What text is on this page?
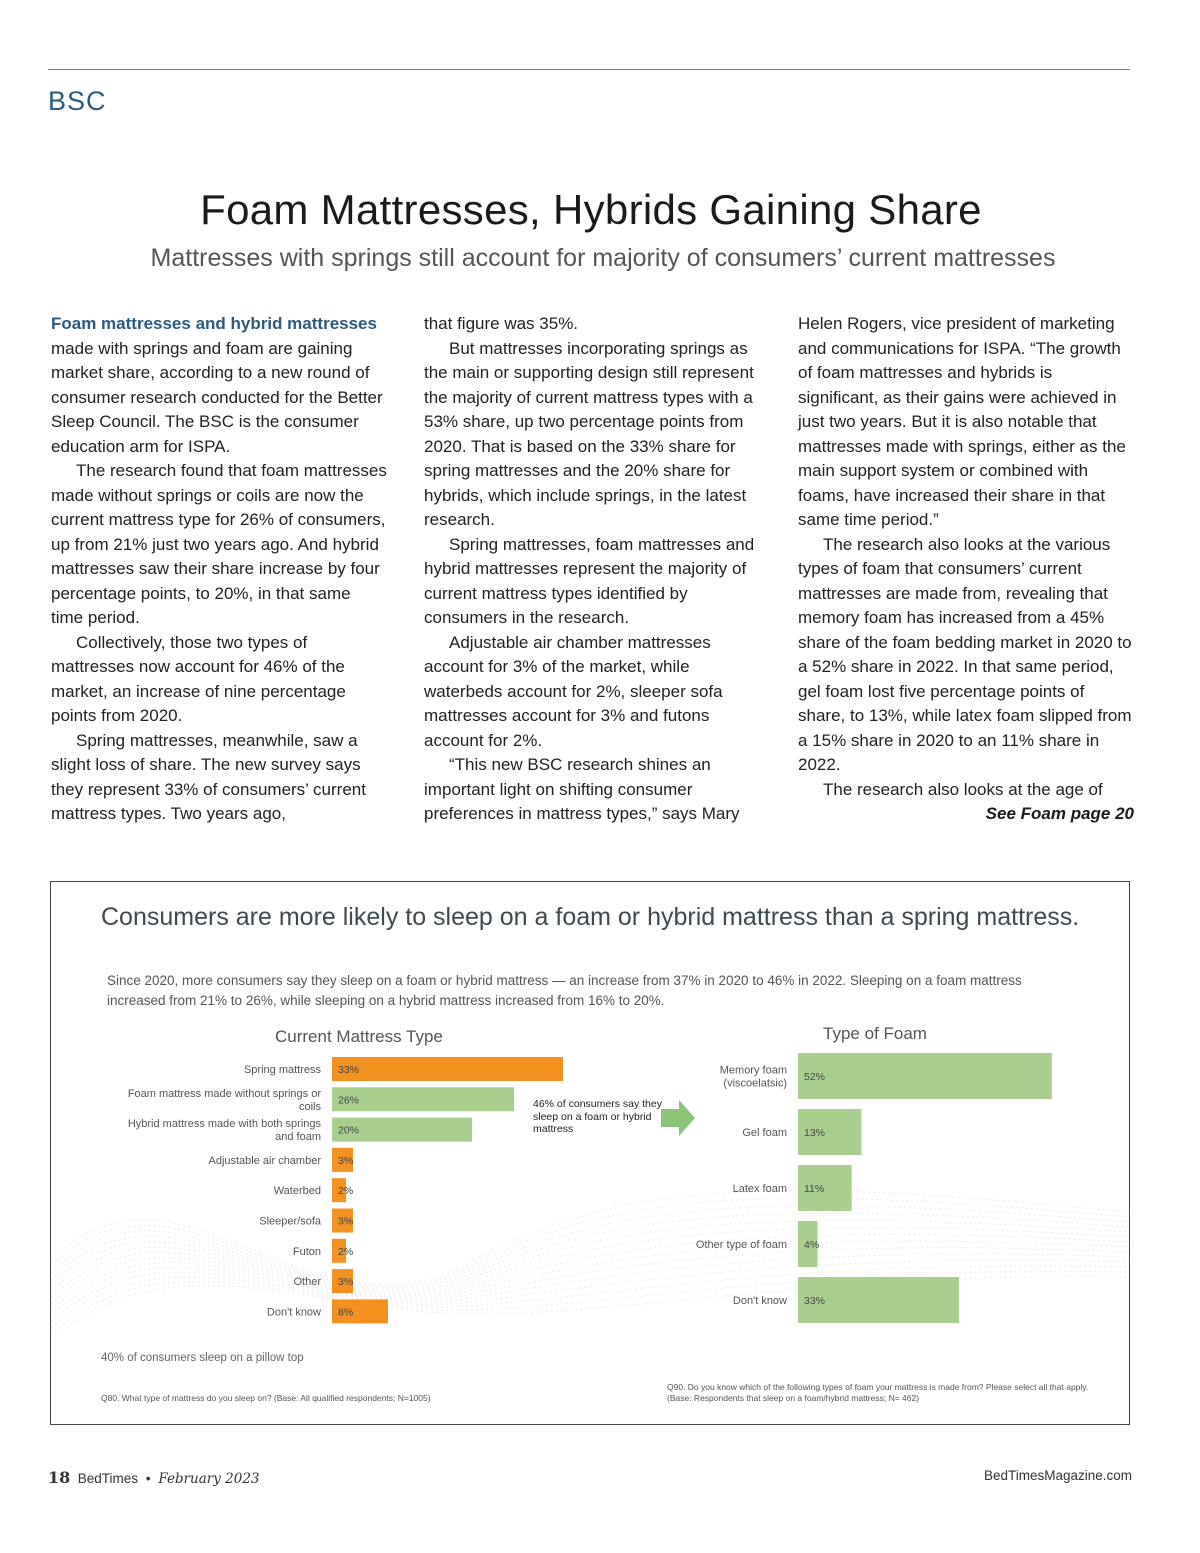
BSC
Foam Mattresses, Hybrids Gaining Share
Mattresses with springs still account for majority of consumers’ current mattresses

Foam mattresses and hybrid mattresses made with springs and foam are gaining market share, according to a new round of consumer research conducted for the Better Sleep Council. The BSC is the consumer education arm for ISPA.

The research found that foam mattresses made without springs or coils are now the current mattress type for 26% of consumers, up from 21% just two years ago. And hybrid mattresses saw their share increase by four percentage points, to 20%, in that same time period.

Collectively, those two types of mattresses now account for 46% of the market, an increase of nine percentage points from 2020.

Spring mattresses, meanwhile, saw a slight loss of share. The new survey says they represent 33% of consumers’ current mattress types. Two years ago,

that figure was 35%.

But mattresses incorporating springs as the main or supporting design still represent the majority of current mattress types with a 53% share, up two percentage points from 2020. That is based on the 33% share for spring mattresses and the 20% share for hybrids, which include springs, in the latest research.

Spring mattresses, foam mattresses and hybrid mattresses represent the majority of current mattress types identified by consumers in the research.

Adjustable air chamber mattresses account for 3% of the market, while waterbeds account for 2%, sleeper sofa mattresses account for 3% and futons account for 2%.

“This new BSC research shines an important light on shifting consumer preferences in mattress types,” says Mary

Helen Rogers, vice president of marketing and communications for ISPA. “The growth of foam mattresses and hybrids is significant, as their gains were achieved in just two years. But it is also notable that mattresses made with springs, either as the main support system or combined with foams, have increased their share in that same time period.”

The research also looks at the various types of foam that consumers’ current mattresses are made from, revealing that memory foam has increased from a 45% share of the foam bedding market in 2020 to a 52% share in 2022. In that same period, gel foam lost five percentage points of share, to 13%, while latex foam slipped from a 15% share in 2020 to an 11% share in 2022.

The research also looks at the age of

See Foam page 20

Consumers are more likely to sleep on a foam or hybrid mattress than a spring mattress.
Since 2020, more consumers say they sleep on a foam or hybrid mattress — an increase from 37% in 2020 to 46% in 2022. Sleeping on a foam mattress increased from 21% to 26%, while sleeping on a hybrid mattress increased from 16% to 20%.
33%
Spring mattress
26%
Foam mattress made without springs or
coils
20%
Hybrid mattress made with both springs
and foam
3%
Adjustable air chamber
2%
Waterbed
3%
Sleeper/sofa
2%
Futon
3%
Other
8%
Don't know
52%
Memory foam
(viscoelatsic)
13%
Gel foam
11%
Latex foam
4%
Other type of foam
33%
Don't know
Current Mattress Type	Type of Foam
46% of consumers say they sleep on a foam or hybrid mattress
40% of consumers sleep on a pillow top
Q80. What type of mattress do you sleep on? (Base: All qualified respondents; N=1005)
Q90. Do you know which of the following types of foam your mattress is made from? Please select all that apply.
(Base: Respondents that sleep on a foam/hybrid mattress; N= 462)
18 BedTimes • February 2023	BedTimesMagazine.com
